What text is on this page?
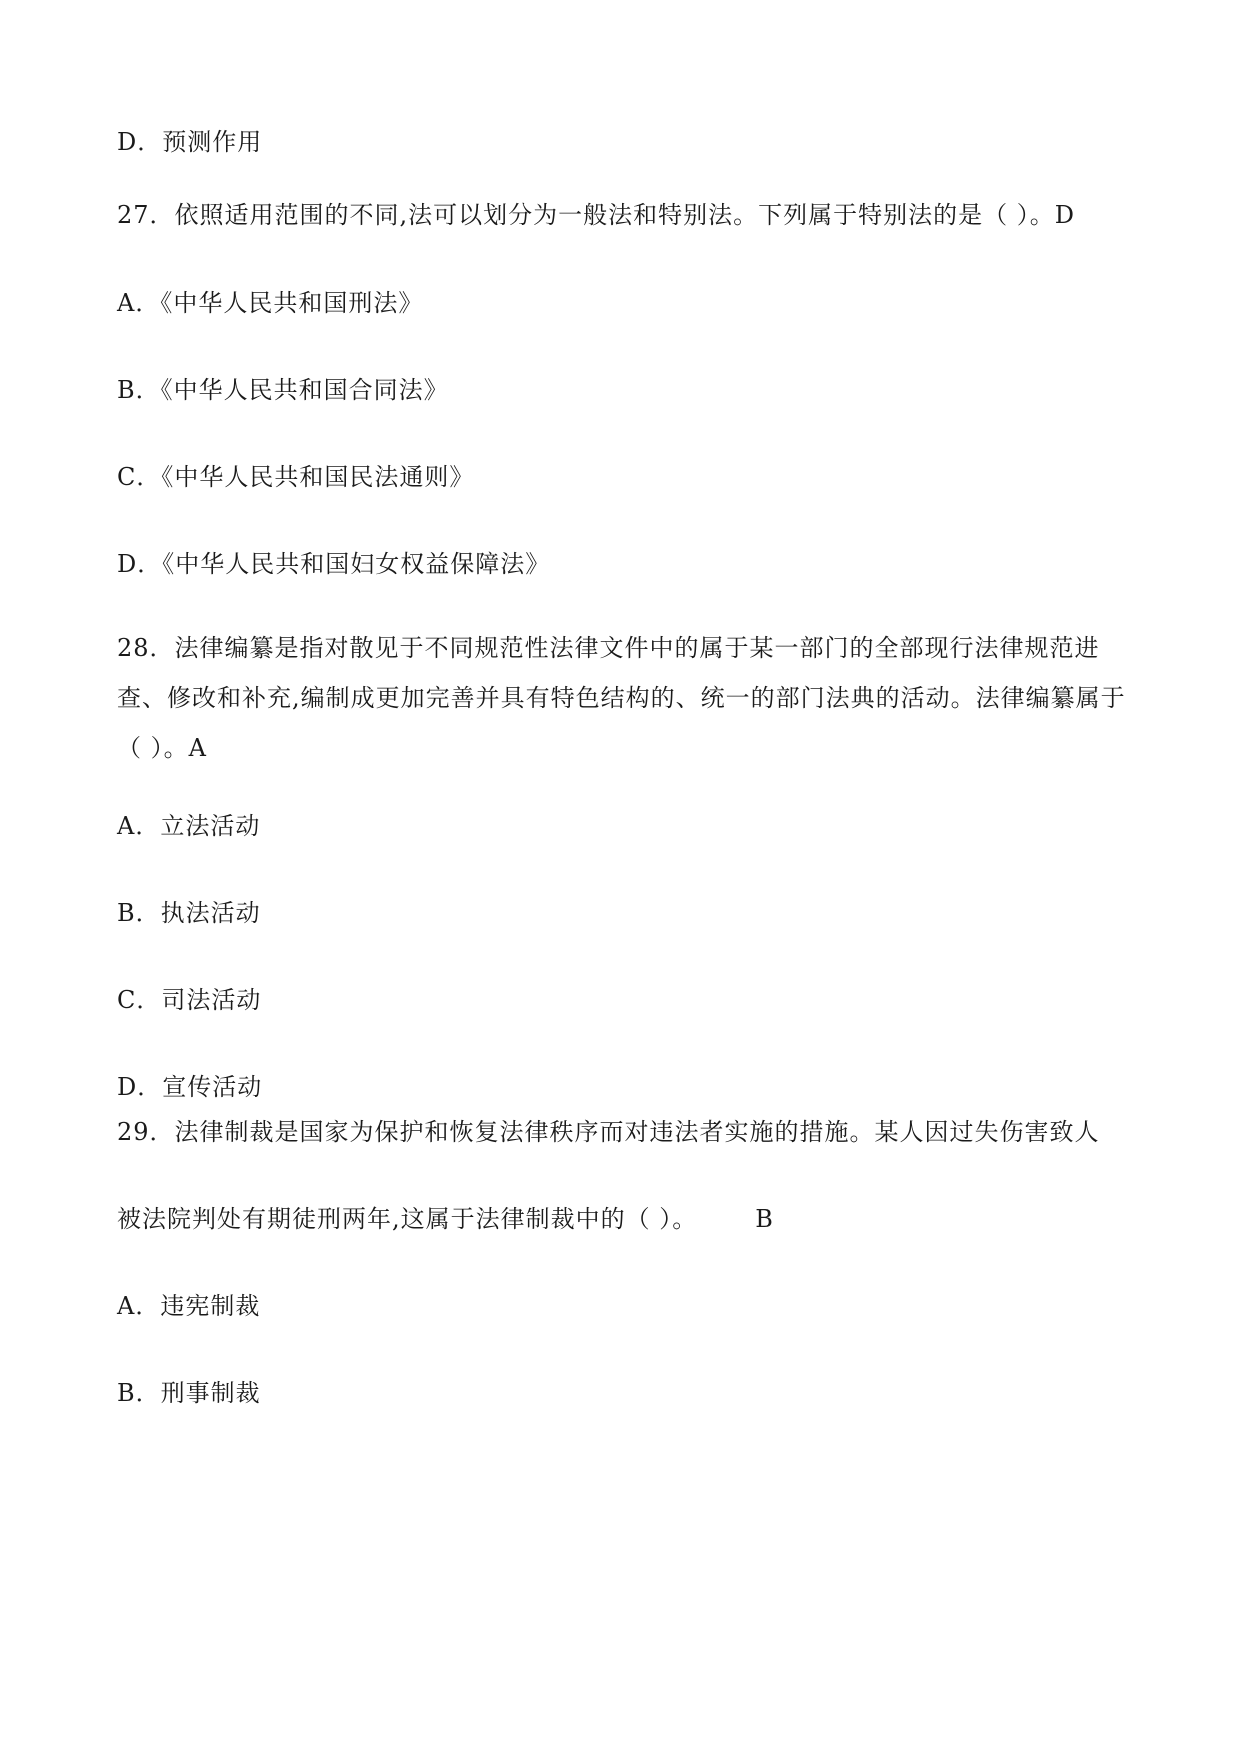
D．预测作用
27．依照适用范围的不同,法可以划分为一般法和特别法。下列属于特别法的是（ ）。D
A．《中华人民共和国刑法》
B．《中华人民共和国合同法》
C．《中华人民共和国民法通则》
D．《中华人民共和国妇女权益保障法》
28．法律编纂是指对散见于不同规范性法律文件中的属于某一部门的全部现行法律规范进查、修改和补充,编制成更加完善并具有特色结构的、统一的部门法典的活动。法律编纂属于（ ）。A
A．立法活动
B．执法活动
C．司法活动
D．宣传活动
29．法律制裁是国家为保护和恢复法律秩序而对违法者实施的措施。某人因过失伤害致人
被法院判处有期徒刑两年,这属于法律制裁中的（ ）。 B
A．违宪制裁
B．刑事制裁
